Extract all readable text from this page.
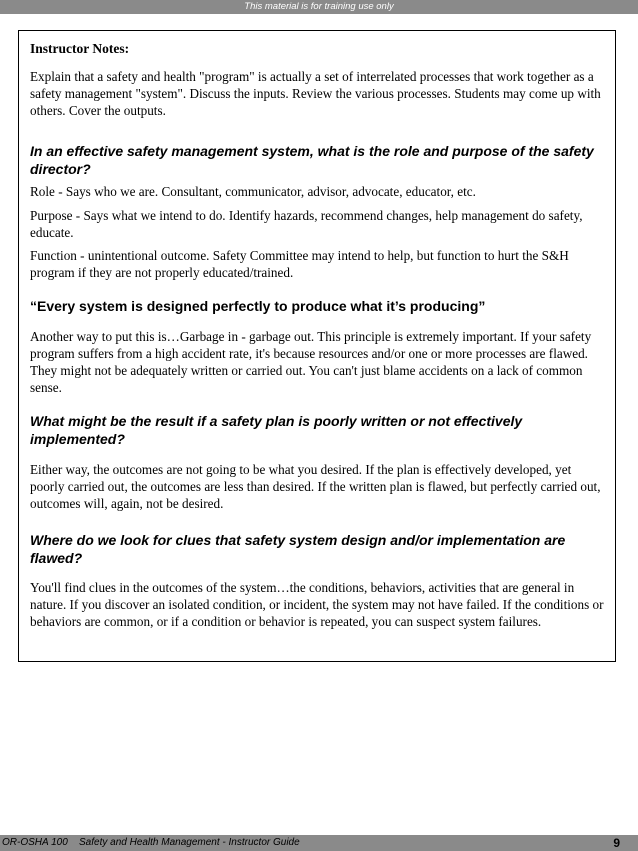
This material is for training use only
Instructor Notes:
Explain that a safety and health "program" is actually a set of interrelated processes that work together as a safety management "system". Discuss the inputs. Review the various processes. Students may come up with others. Cover the outputs.
In an effective safety management system, what is the role and purpose of the safety director?
Role - Says who we are. Consultant, communicator, advisor, advocate, educator, etc.
Purpose - Says what we intend to do. Identify hazards, recommend changes, help management do safety, educate.
Function - unintentional outcome. Safety Committee may intend to help, but function to hurt the S&H program if they are not properly educated/trained.
“Every system is designed perfectly to produce what it’s producing”
Another way to put this is…Garbage in - garbage out. This principle is extremely important. If your safety program suffers from a high accident rate, it's because resources and/or one or more processes are flawed. They might not be adequately written or carried out. You can't just blame accidents on a lack of common sense.
What might be the result if a safety plan is poorly written or not effectively implemented?
Either way, the outcomes are not going to be what you desired. If the plan is effectively developed, yet poorly carried out, the outcomes are less than desired. If the written plan is flawed, but perfectly carried out, outcomes will, again, not be desired.
Where do we look for clues that safety system design and/or implementation are flawed?
You'll find clues in the outcomes of the system…the conditions, behaviors, activities that are general in nature. If you discover an isolated condition, or incident, the system may not have failed. If the conditions or behaviors are common, or if a condition or behavior is repeated, you can suspect system failures.
OR-OSHA 100 Safety and Health Management - Instructor Guide	9
